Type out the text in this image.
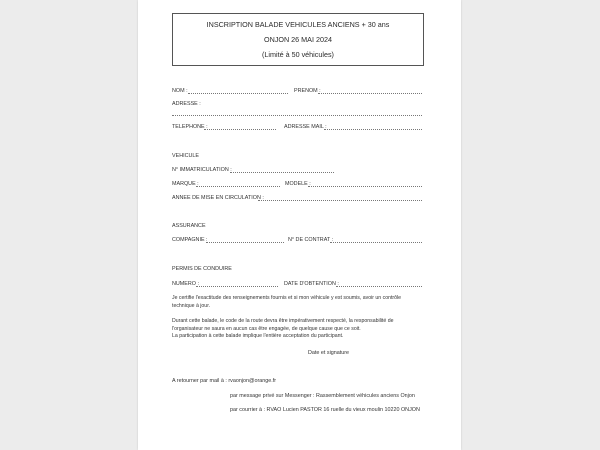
INSCRIPTION BALADE VEHICULES ANCIENS + 30 ans
ONJON 26 MAI 2024
(Limité à 50 véhicules)
NOM :	PRENOM :
ADRESSE :
TELEPHONE :	ADRESSE MAIL :
VEHICULE
N° IMMATRICULATION :
MARQUE :	MODELE :
ANNEE DE MISE EN CIRCULATION :
ASSURANCE
COMPAGNIE :	N° DE CONTRAT :
PERMIS DE CONDUIRE
NUMERO :	DATE D'OBTENTION :
Je certifie l'exactitude des renseignements fournis et si mon véhicule y est soumis, avoir un contrôle
technique à jour.
Durant cette balade, le code de la route devra être impérativement respecté, la responsabilité de
l'organisateur ne saura en aucun cas être engagée, de quelque cause que ce soit.
La participation à cette balade implique l'entière acceptation du participant.
Date et signature
A retourner par mail à : rvaonjon@orange.fr
par message privé sur Messenger : Rassemblement véhicules anciens Onjon
par courrier à : RVAO Lucien PASTOR 16 ruelle du vieux moulin 10220 ONJON
